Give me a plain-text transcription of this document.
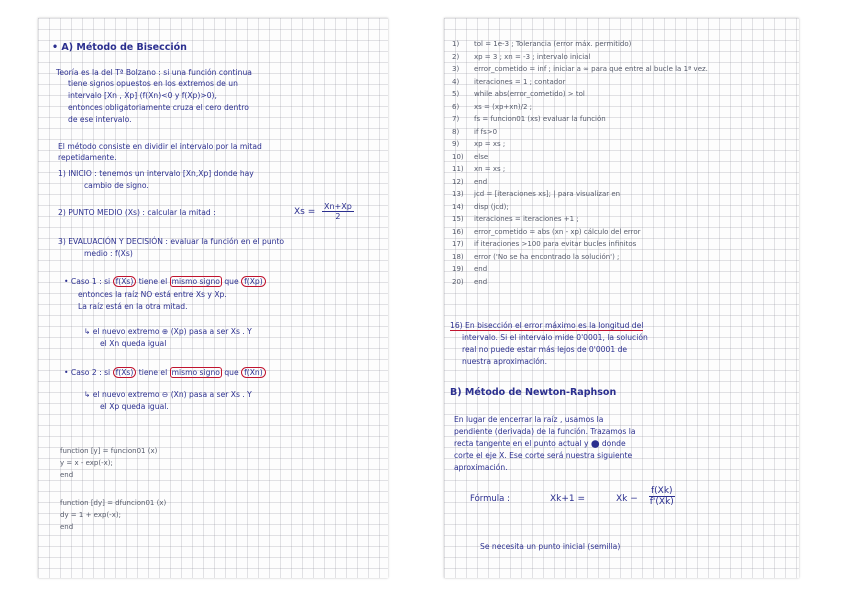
• A) Método de Bisección
Teoría es la del Tª Bolzano : si una función continua
tiene signos opuestos en los extremos de un
intervalo [Xn , Xp] (f(Xn)<0 y f(Xp)>0),
entonces obligatoriamente cruza el cero dentro
de ese intervalo.
El método consiste en dividir el intervalo por la mitad
repetidamente.
1) INICIO : tenemos un intervalo [Xn,Xp] donde hay
cambio de signo.
2) PUNTO MEDIO (Xs) : calcular la mitad :	$Xs = \frac{Xn+Xp}{2}$
3) EVALUACIÓN Y DECISIÓN : evaluar la función en el punto
medio : f(Xs)
• Caso 1 : si f(Xs) tiene el mismo signo que f(Xp)
entonces la raíz NO está entre Xs y Xp.
La raíz está en la otra mitad.
↳ el nuevo extremo ⊕ (Xp) pasa a ser Xs . Y
el Xn queda igual
• Caso 2 : si f(Xs) tiene el mismo signo que f(Xn)
↳ el nuevo extremo ⊖ (Xn) pasa a ser Xs . Y
el Xp queda igual.
function [y] = funcion01 (x)
y = x - exp(-x);
end
function [dy] = dfuncion01 (x)
dy = 1 + exp(-x);
end
1) tol = 1e-3 ; Tolerancia (error máx. permitido)
2) xp = 3 ; xn = -3 ; intervalo inicial
3) error_cometido = inf ; iniciar a ∞ para que entre al bucle la 1ª vez.
4) iteraciones = 1 ; contador
5) while abs(error_cometido) > tol
6) xs = (xp+xn)/2 ;
7) fs = funcion01 (xs) evaluar la función
8) if fs>0
9) xp = xs ;
10) else
11) xn = xs ;
12) end
13) jcd = [iteraciones xs]; | para visualizar en
14) disp (jcd);
15) iteraciones = iteraciones +1 ;
16) error_cometido = abs (xn - xp) cálculo del error
17) if iteraciones >100 para evitar bucles infinitos
18) error ('No se ha encontrado la solución') ;
19) end
20) end
16) En bisección el error máximo es la longitud del
intervalo. Si el intervalo mide 0'0001, la solución
real no puede estar más lejos de 0'0001 de
nuestra aproximación.
B) Método de Newton-Raphson
En lugar de encerrar la raíz , usamos la
pendiente (derivada) de la función. Trazamos la
recta tangente en el punto actual y ⬤ donde
corte el eje X. Ese corte será nuestra siguiente
aproximación.
Fórmula :	Xk+1 =	$Xk - \frac{f(Xk)}{f'(Xk)}$
Se necesita un punto inicial (semilla)
